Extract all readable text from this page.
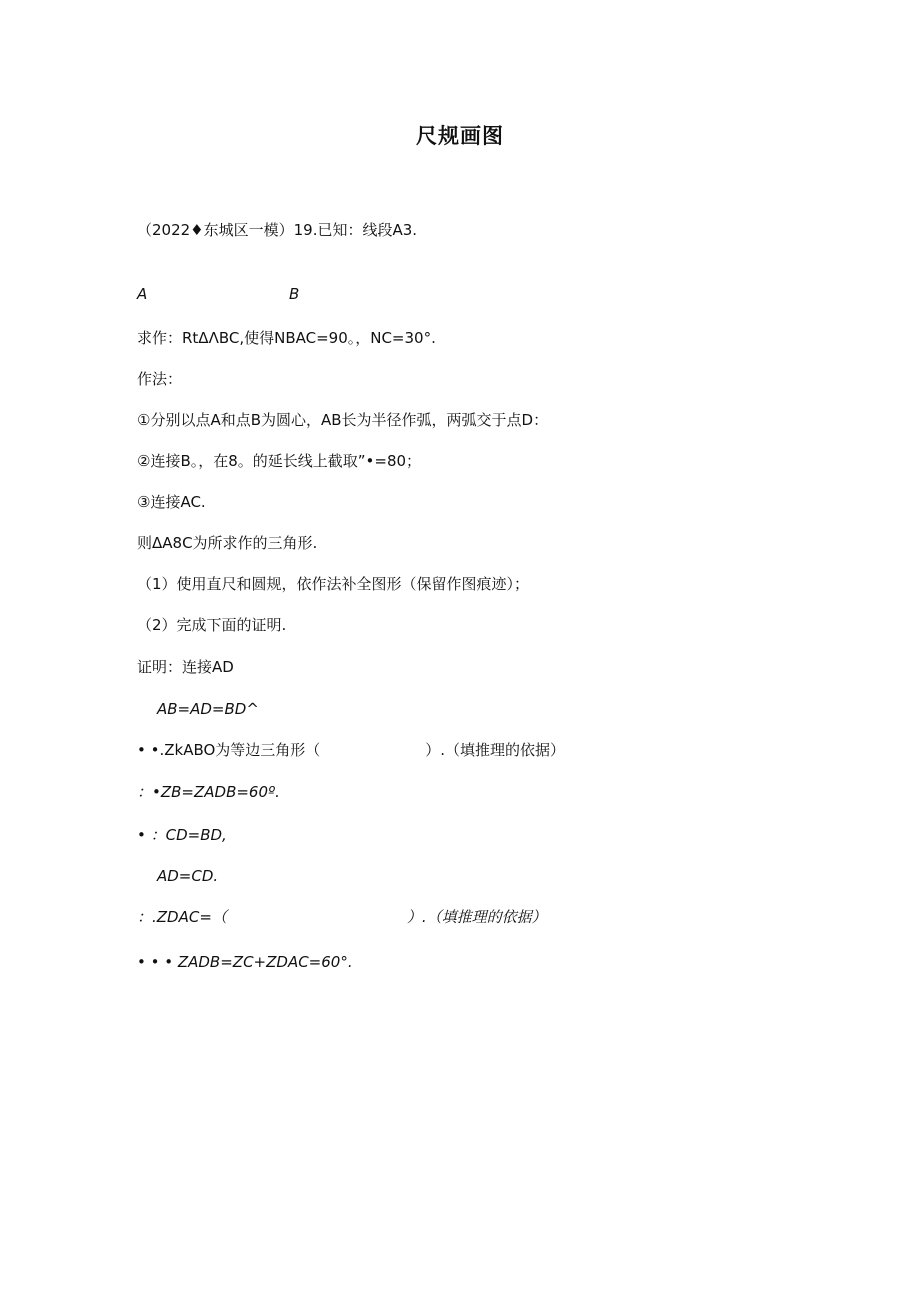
尺规画图
（2022♦东城区一模）19.已知：线段A3.
A	B
求作：RtΔΛBC,使得NBAC=90。，NC=30°.
作法：
①分别以点A和点B为圆心，AB长为半径作弧，两弧交于点D：
②连接B。，在8。的延长线上截取”•=80；
③连接AC.
则ΔA8C为所求作的三角形.
（1）使用直尺和圆规，依作法补全图形（保留作图痕迹）；
（2）完成下面的证明.
证明：连接AD
AB=AD=BD^
• •.ZkABO为等边三角形（　　　　　　　）.（填推理的依据）
：•ZB=ZADB=60º.
• ：CD=BD,
AD=CD.
：.ZDAC=（　　　　　　　　　　　　）.（填推理的依据）
• • • ZADB=ZC+ZDAC=60°.
